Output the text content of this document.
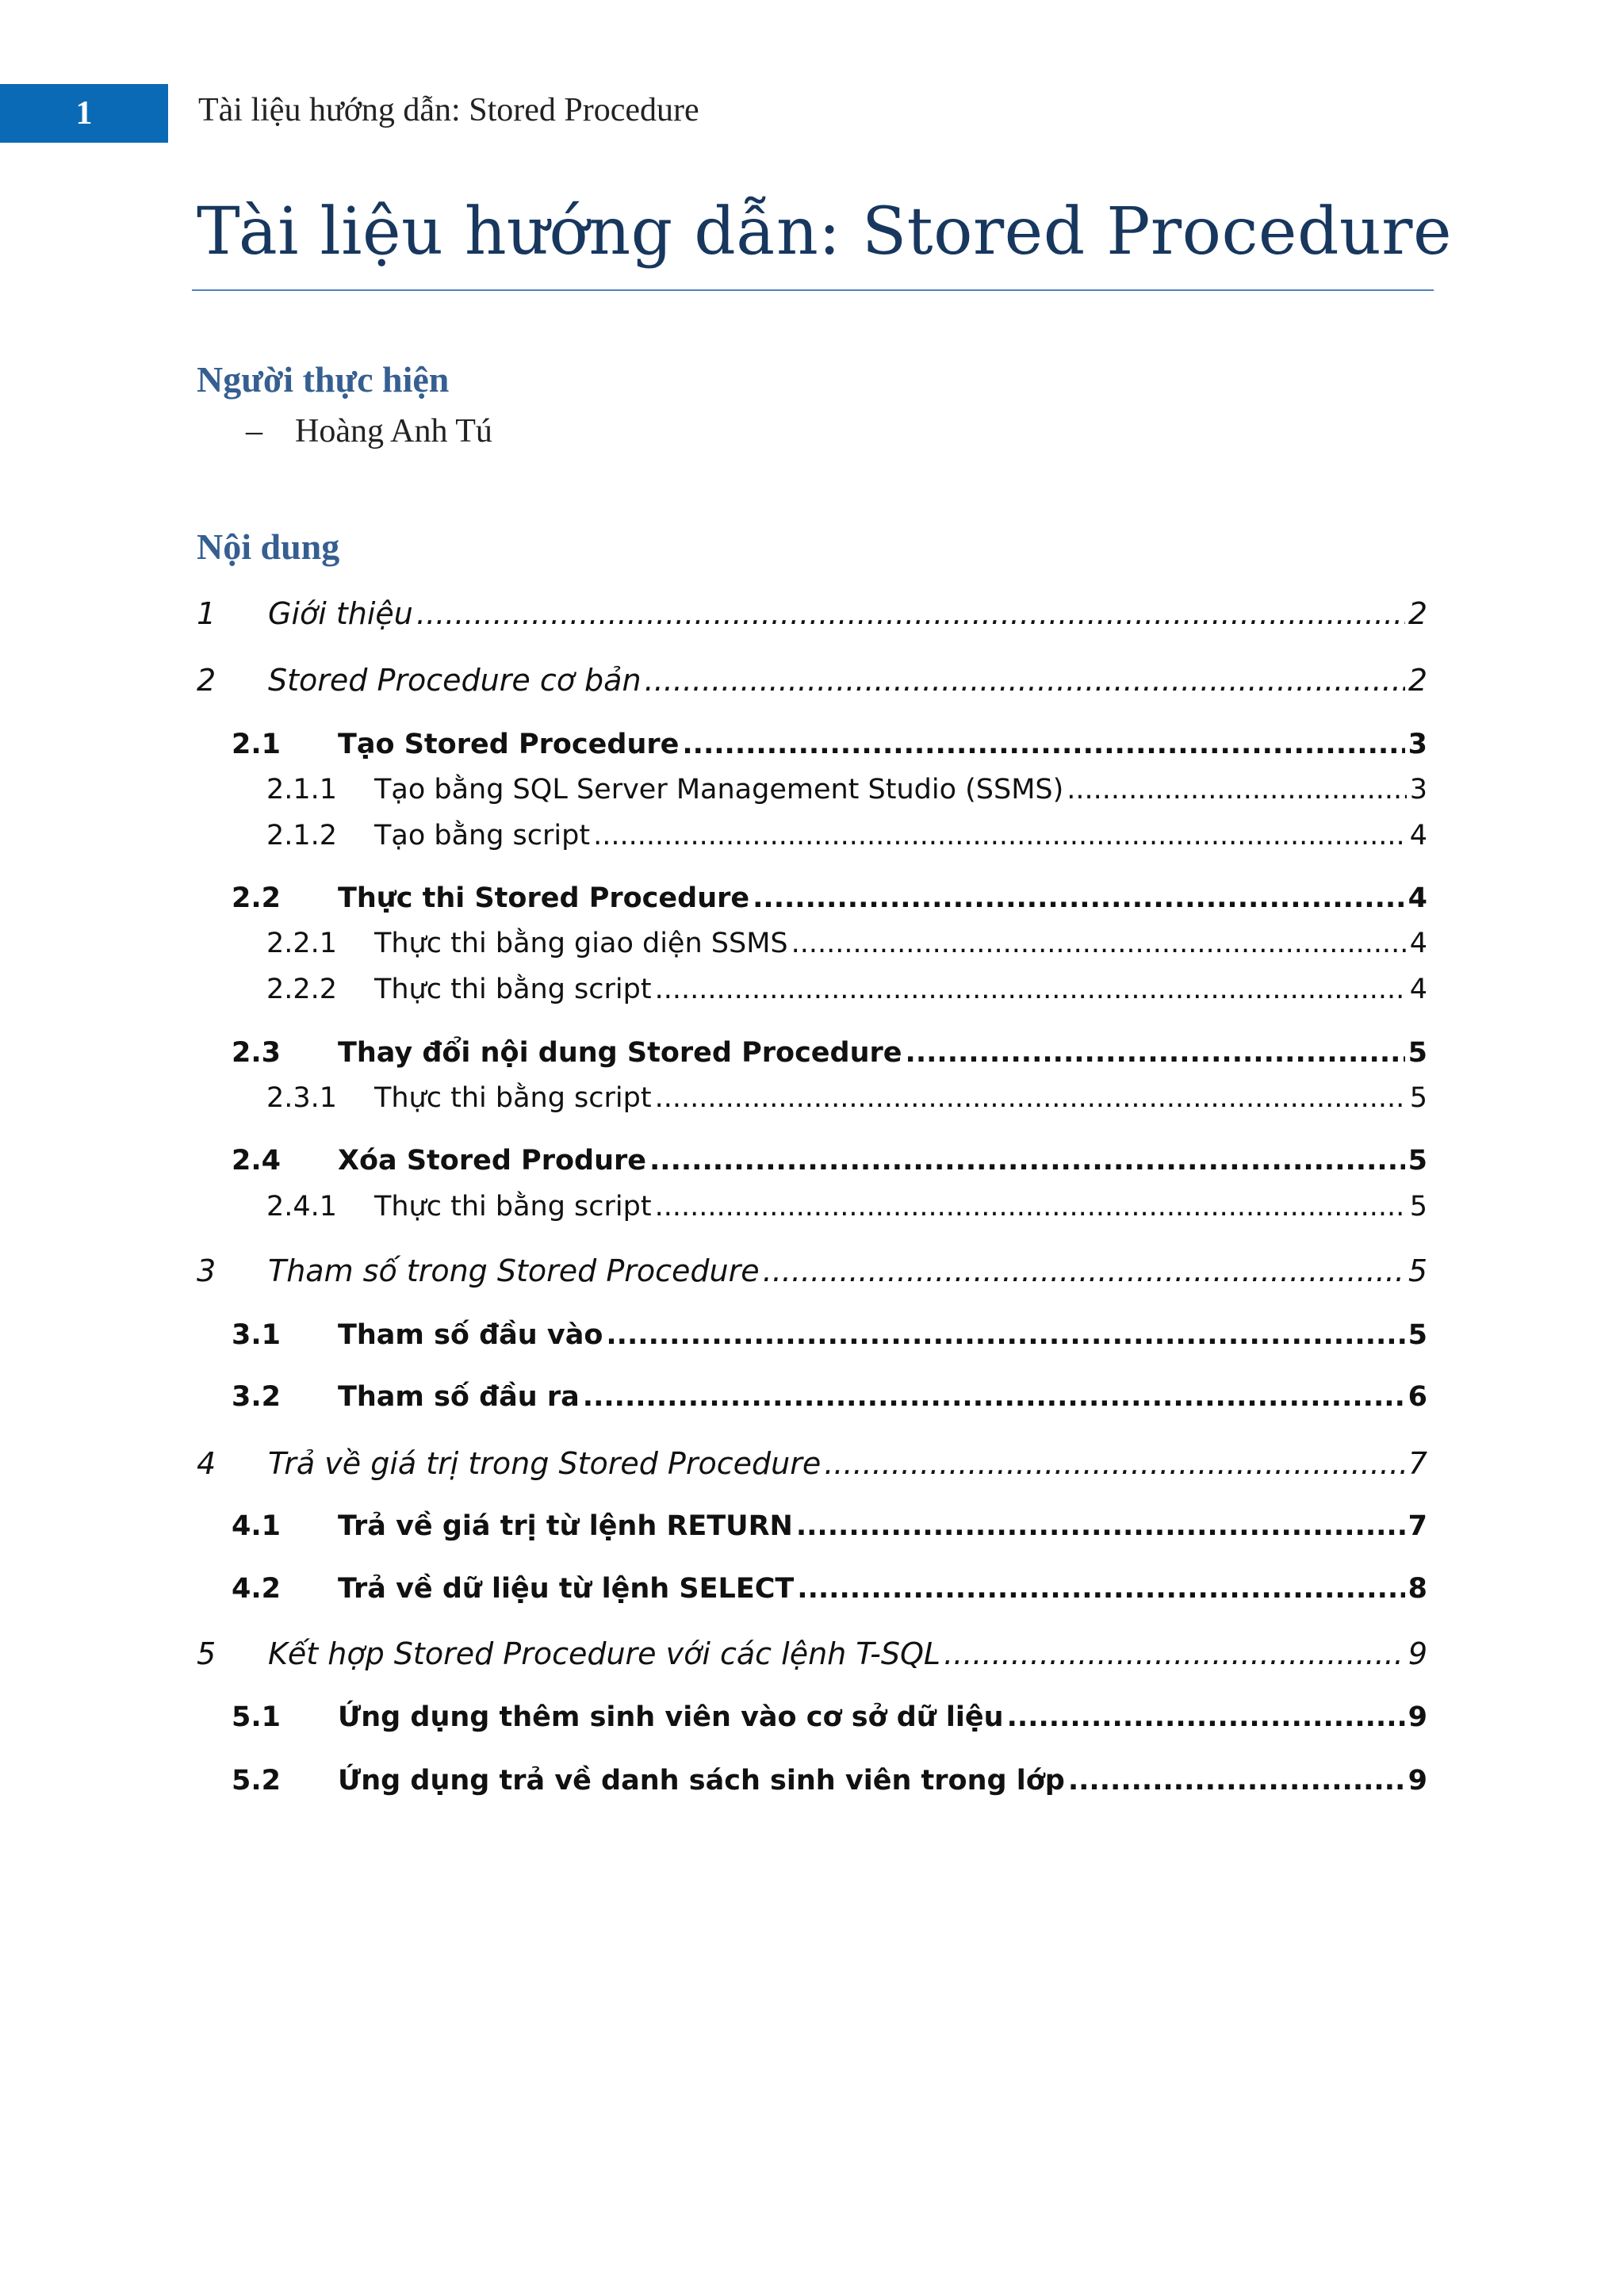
1	Tài liệu hướng dẫn: Stored Procedure
Tài liệu hướng dẫn: Stored Procedure
Người thực hiện
– Hoàng Anh Tú
Nội dung
1	Giới thiệu .....	2
2	Stored Procedure cơ bản .....	2
2.1	Tạo Stored Procedure .....	3
2.1.1	Tạo bằng SQL Server Management Studio (SSMS) .....	3
2.1.2	Tạo bằng script .....	4
2.2	Thực thi Stored Procedure .....	4
2.2.1	Thực thi bằng giao diện SSMS .....	4
2.2.2	Thực thi bằng script .....	4
2.3	Thay đổi nội dung Stored Procedure .....	5
2.3.1	Thực thi bằng script .....	5
2.4	Xóa Stored Produre .....	5
2.4.1	Thực thi bằng script .....	5
3	Tham số trong Stored Procedure .....	5
3.1	Tham số đầu vào .....	5
3.2	Tham số đầu ra .....	6
4	Trả về giá trị trong Stored Procedure .....	7
4.1	Trả về giá trị từ lệnh RETURN .....	7
4.2	Trả về dữ liệu từ lệnh SELECT .....	8
5	Kết hợp Stored Procedure với các lệnh T-SQL .....	9
5.1	Ứng dụng thêm sinh viên vào cơ sở dữ liệu .....	9
5.2	Ứng dụng trả về danh sách sinh viên trong lớp .....	9
